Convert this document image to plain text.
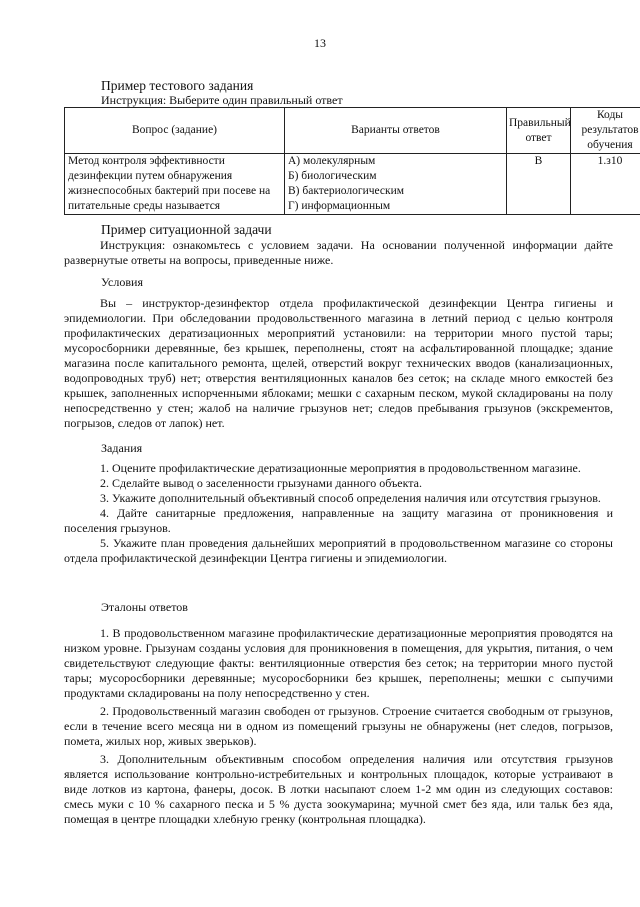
13
Пример тестового задания
Инструкция: Выберите один правильный ответ
Вопрос (задание)	Варианты ответов	Правильный ответ	Коды результатов обучения
Метод контроля эффективности дезинфекции путем обнаружения жизнеспособных бактерий при посеве на питательные среды называется	А) молекулярным
Б) биологическим
В) бактериологическим
Г) информационным	В	1.з10
Пример ситуационной задачи

Инструкция: ознакомьтесь с условием задачи. На основании полученной информации дайте развернутые ответы на вопросы, приведенные ниже.

Условия

Вы – инструктор-дезинфектор отдела профилактической дезинфекции Центра гигиены и эпидемиологии. При обследовании продовольственного магазина в летний период с целью контроля профилактических дератизационных мероприятий установили: на территории много пустой тары; мусоросборники деревянные, без крышек, переполнены, стоят на асфальтированной площадке; здание магазина после капитального ремонта, щелей, отверстий вокруг технических вводов (канализационных, водопроводных труб) нет; отверстия вентиляционных каналов без сеток; на складе много емкостей без крышек, заполненных испорченными яблоками; мешки с сахарным песком, мукой складированы на полу непосредственно у стен; жалоб на наличие грызунов нет; следов пребывания грызунов (экскрементов, погрызов, следов от лапок) нет.

Задания

1. Оцените профилактические дератизационные мероприятия в продовольственном магазине.

2. Сделайте вывод о заселенности грызунами данного объекта.

3. Укажите дополнительный объективный способ определения наличия или отсутствия грызунов.

4. Дайте санитарные предложения, направленные на защиту магазина от проникновения и поселения грызунов.

5. Укажите план проведения дальнейших мероприятий в продовольственном магазине со стороны отдела профилактической дезинфекции Центра гигиены и эпидемиологии.

Эталоны ответов

1. В продовольственном магазине профилактические дератизационные мероприятия проводятся на низком уровне. Грызунам созданы условия для проникновения в помещения, для укрытия, питания, о чем свидетельствуют следующие факты: вентиляционные отверстия без сеток; на территории много пустой тары; мусоросборники деревянные; мусоросборники без крышек, переполнены; мешки с сыпучими продуктами складированы на полу непосредственно у стен.

2. Продовольственный магазин свободен от грызунов. Строение считается свободным от грызунов, если в течение всего месяца ни в одном из помещений грызуны не обнаружены (нет следов, погрызов, помета, жилых нор, живых зверьков).

3. Дополнительным объективным способом определения наличия или отсутствия грызунов является использование контрольно-истребительных и контрольных площадок, которые устраивают в виде лотков из картона, фанеры, досок. В лотки насыпают слоем 1-2 мм один из следующих составов: смесь муки с 10 % сахарного песка и 5 % дуста зоокумарина; мучной смет без яда, или тальк без яда, помещая в центре площадки хлебную гренку (контрольная площадка).
